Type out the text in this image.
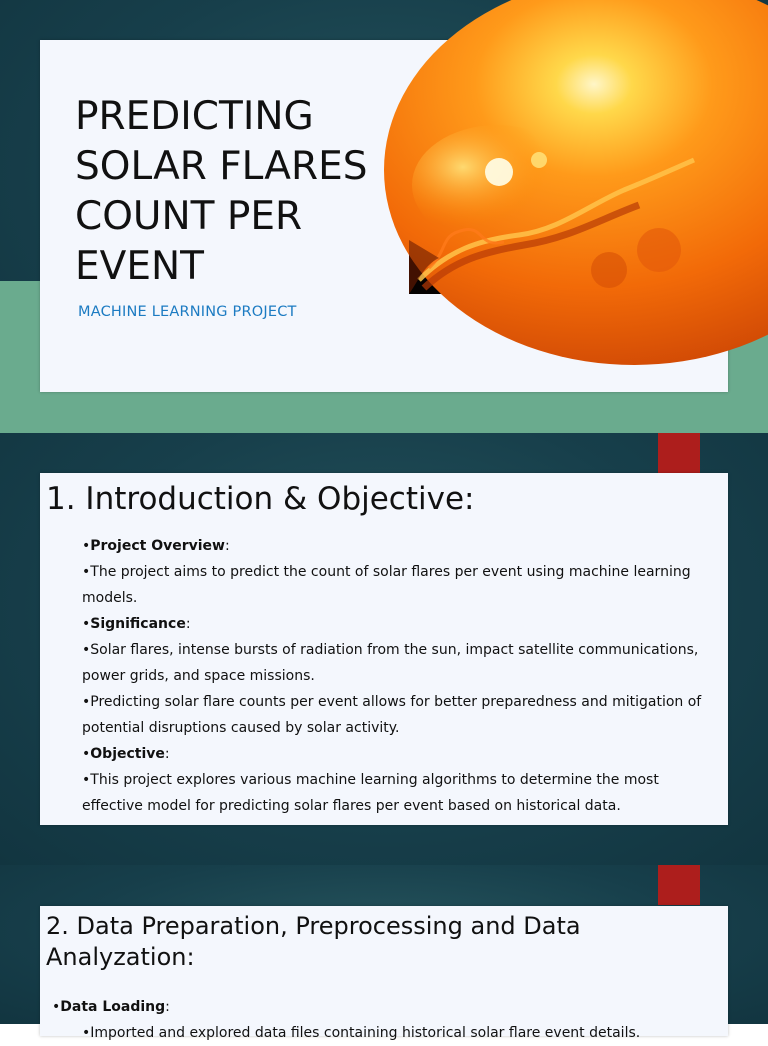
PREDICTING SOLAR FLARES COUNT PER EVENT
MACHINE LEARNING PROJECT
1. Introduction & Objective:
•Project Overview:
•The project aims to predict the count of solar flares per event using machine learning models.
•Significance:
•Solar flares, intense bursts of radiation from the sun, impact satellite communications, power grids, and space missions.
•Predicting solar flare counts per event allows for better preparedness and mitigation of potential disruptions caused by solar activity.
•Objective:
•This project explores various machine learning algorithms to determine the most effective model for predicting solar flares per event based on historical data.
2. Data Preparation, Preprocessing and Data Analyzation:
•Data Loading:
•Imported and explored data files containing historical solar flare event details.
